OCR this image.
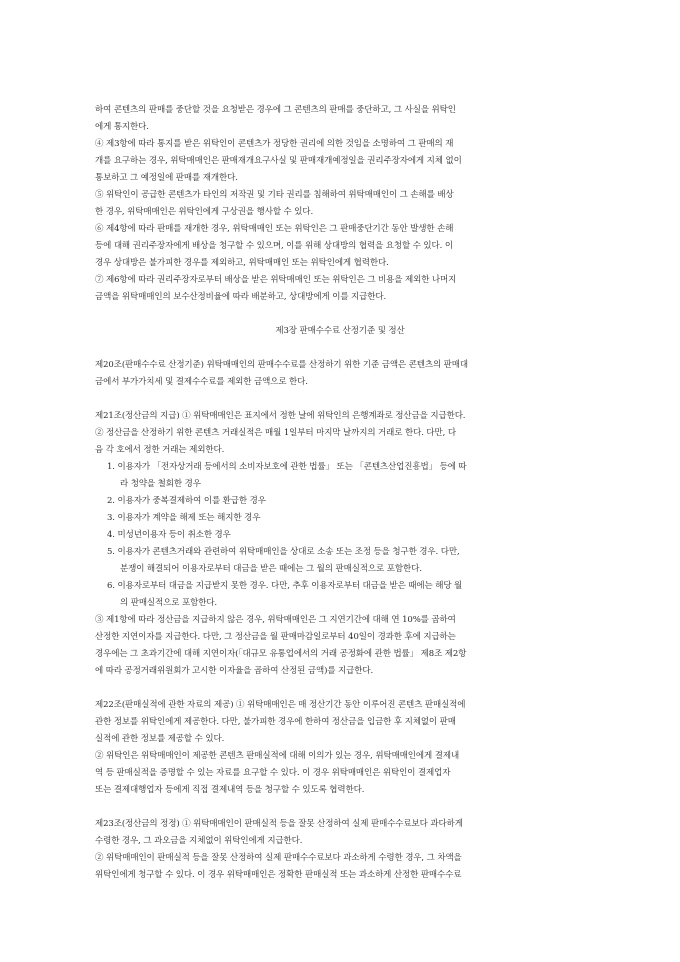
하여 콘텐츠의 판매를 중단할 것을 요청받은 경우에 그 콘텐츠의 판매를 중단하고, 그 사실을 위탁인

에게 통지한다.

④ 제3항에 따라 통지를 받은 위탁인이 콘텐츠가 정당한 권리에 의한 것임을 소명하여 그 판매의 재

개를 요구하는 경우, 위탁매매인은 판매재개요구사실 및 판매재개예정일을 권리주장자에게 지체 없이

통보하고 그 예정일에 판매를 재개한다.

⑤ 위탁인이 공급한 콘텐츠가 타인의 저작권 및 기타 권리를 침해하여 위탁매매인이 그 손해를 배상

한 경우, 위탁매매인은 위탁인에게 구상권을 행사할 수 있다.

⑥ 제4항에 따라 판매를 재개한 경우, 위탁매매인 또는 위탁인은 그 판매중단기간 동안 발생한 손해

등에 대해 권리주장자에게 배상을 청구할 수 있으며, 이를 위해 상대방의 협력을 요청할 수 있다. 이

경우 상대방은 불가피한 경우를 제외하고, 위탁매매인 또는 위탁인에게 협력한다.

⑦ 제6항에 따라 권리주장자로부터 배상을 받은 위탁매매인 또는 위탁인은 그 비용을 제외한 나머지

금액을 위탁매매인의 보수산정비율에 따라 배분하고, 상대방에게 이를 지급한다.

제3장 판매수수료 산정기준 및 정산

제20조(판매수수료 산정기준) 위탁매매인의 판매수수료를 산정하기 위한 기준 금액은 콘텐츠의 판매대

금에서 부가가치세 및 결제수수료를 제외한 금액으로 한다.

제21조(정산금의 지급) ① 위탁매매인은 표지에서 정한 날에 위탁인의 은행계좌로 정산금을 지급한다.

② 정산금을 산정하기 위한 콘텐츠 거래실적은 매월 1일부터 마지막 날까지의 거래로 한다. 다만, 다

음 각 호에서 정한 거래는 제외한다.

1. 이용자가 「전자상거래 등에서의 소비자보호에 관한 법률」 또는 「콘텐츠산업진흥법」 등에 따

라 청약을 철회한 경우

2. 이용자가 중복결제하여 이를 환급한 경우

3. 이용자가 계약을 해제 또는 해지한 경우

4. 미성년이용자 등이 취소한 경우

5. 이용자가 콘텐츠거래와 관련하여 위탁매매인을 상대로 소송 또는 조정 등을 청구한 경우. 다만,

분쟁이 해결되어 이용자로부터 대금을 받은 때에는 그 월의 판매실적으로 포함한다.

6. 이용자로부터 대금을 지급받지 못한 경우. 다만, 추후 이용자로부터 대금을 받은 때에는 해당 월

의 판매실적으로 포함한다.

③ 제1항에 따라 정산금을 지급하지 않은 경우, 위탁매매인은 그 지연기간에 대해 연 10%를 곱하여

산정한 지연이자를 지급한다. 다만, 그 정산금을 월 판매마감일로부터 40일이 경과한 후에 지급하는

경우에는 그 초과기간에 대해 지연이자(「대규모 유통업에서의 거래 공정화에 관한 법률」 제8조 제2항

에 따라 공정거래위원회가 고시한 이자율을 곱하여 산정된 금액)를 지급한다.

제22조(판매실적에 관한 자료의 제공) ① 위탁매매인은 매 정산기간 동안 이루어진 콘텐츠 판매실적에

관한 정보를 위탁인에게 제공한다. 다만, 불가피한 경우에 한하여 정산금을 입금한 후 지체없이 판매

실적에 관한 정보를 제공할 수 있다.

② 위탁인은 위탁매매인이 제공한 콘텐츠 판매실적에 대해 이의가 있는 경우, 위탁매매인에게 결제내

역 등 판매실적을 증명할 수 있는 자료를 요구할 수 있다. 이 경우 위탁매매인은 위탁인이 결제업자

또는 결제대행업자 등에게 직접 결제내역 등을 청구할 수 있도록 협력한다.

제23조(정산금의 정정) ① 위탁매매인이 판매실적 등을 잘못 산정하여 실제 판매수수료보다 과다하게

수령한 경우, 그 과오금을 지체없이 위탁인에게 지급한다.

② 위탁매매인이 판매실적 등을 잘못 산정하여 실제 판매수수료보다 과소하게 수령한 경우, 그 차액을

위탁인에게 청구할 수 있다. 이 경우 위탁매매인은 정확한 판매실적 또는 과소하게 산정한 판매수수료
